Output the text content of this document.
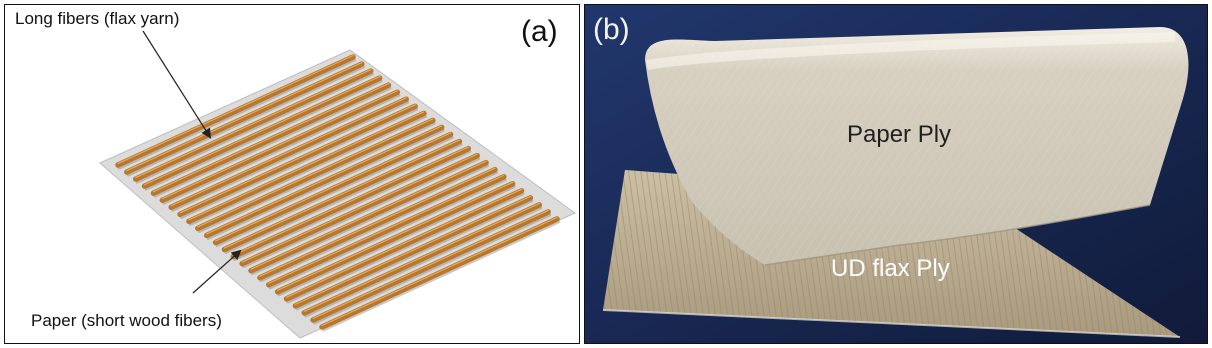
Long fibers (flax yarn)
Paper (short wood fibers)
(a) (b)
Paper Ply
UD flax Ply
